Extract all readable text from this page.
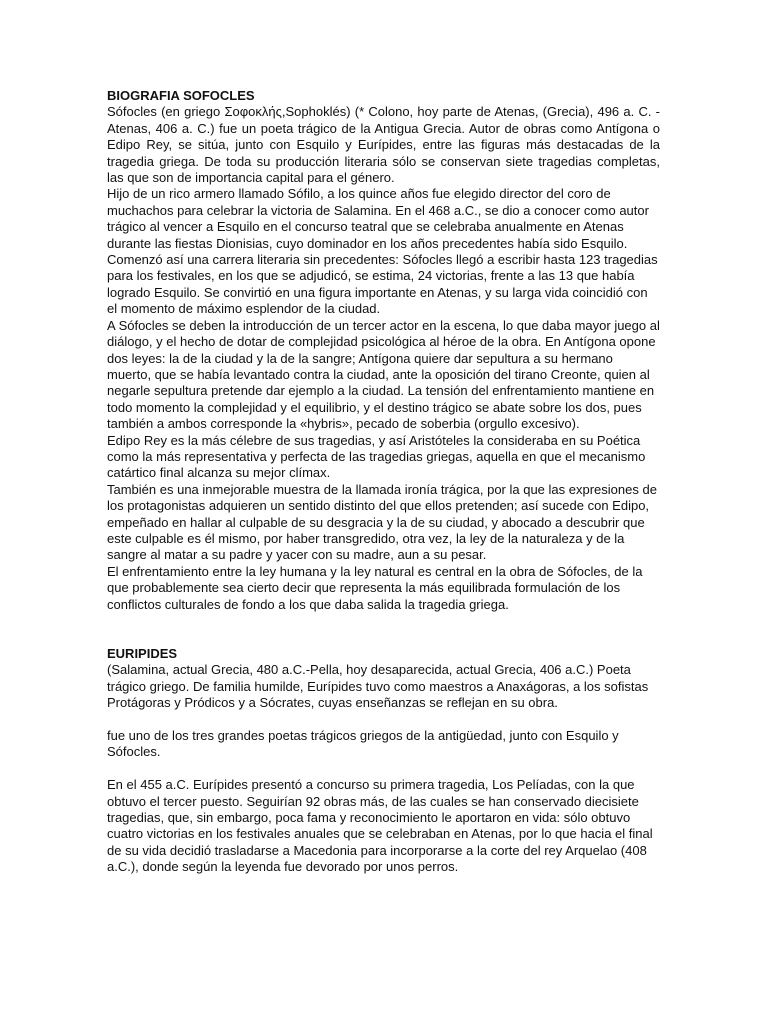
BIOGRAFIA SOFOCLES

Sófocles (en griego Σοφοκλής,Sophoklés) (* Colono, hoy parte de Atenas, (Grecia), 496 a. C. - Atenas, 406 a. C.) fue un poeta trágico de la Antigua Grecia. Autor de obras como Antígona o Edipo Rey, se sitúa, junto con Esquilo y Eurípides, entre las figuras más destacadas de la tragedia griega. De toda su producción literaria sólo se conservan siete tragedias completas, las que son de importancia capital para el género.

Hijo de un rico armero llamado Sófilo, a los quince años fue elegido director del coro de muchachos para celebrar la victoria de Salamina. En el 468 a.C., se dio a conocer como autor trágico al vencer a Esquilo en el concurso teatral que se celebraba anualmente en Atenas durante las fiestas Dionisias, cuyo dominador en los años precedentes había sido Esquilo.

Comenzó así una carrera literaria sin precedentes: Sófocles llegó a escribir hasta 123 tragedias para los festivales, en los que se adjudicó, se estima, 24 victorias, frente a las 13 que había logrado Esquilo. Se convirtió en una figura importante en Atenas, y su larga vida coincidió con el momento de máximo esplendor de la ciudad.

A Sófocles se deben la introducción de un tercer actor en la escena, lo que daba mayor juego al diálogo, y el hecho de dotar de complejidad psicológica al héroe de la obra. En Antígona opone dos leyes: la de la ciudad y la de la sangre; Antígona quiere dar sepultura a su hermano muerto, que se había levantado contra la ciudad, ante la oposición del tirano Creonte, quien al negarle sepultura pretende dar ejemplo a la ciudad. La tensión del enfrentamiento mantiene en todo momento la complejidad y el equilibrio, y el destino trágico se abate sobre los dos, pues también a ambos corresponde la «hybris», pecado de soberbia (orgullo excesivo).

Edipo Rey es la más célebre de sus tragedias, y así Aristóteles la consideraba en su Poética como la más representativa y perfecta de las tragedias griegas, aquella en que el mecanismo catártico final alcanza su mejor clímax.

También es una inmejorable muestra de la llamada ironía trágica, por la que las expresiones de los protagonistas adquieren un sentido distinto del que ellos pretenden; así sucede con Edipo, empeñado en hallar al culpable de su desgracia y la de su ciudad, y abocado a descubrir que este culpable es él mismo, por haber transgredido, otra vez, la ley de la naturaleza y de la sangre al matar a su padre y yacer con su madre, aun a su pesar.

El enfrentamiento entre la ley humana y la ley natural es central en la obra de Sófocles, de la que probablemente sea cierto decir que representa la más equilibrada formulación de los conflictos culturales de fondo a los que daba salida la tragedia griega.

EURIPIDES

(Salamina, actual Grecia, 480 a.C.-Pella, hoy desaparecida, actual Grecia, 406 a.C.) Poeta trágico griego. De familia humilde, Eurípides tuvo como maestros a Anaxágoras, a los sofistas Protágoras y Pródicos y a Sócrates, cuyas enseñanzas se reflejan en su obra.

fue uno de los tres grandes poetas trágicos griegos de la antigüedad, junto con Esquilo y Sófocles.

En el 455 a.C. Eurípides presentó a concurso su primera tragedia, Los Pelíadas, con la que obtuvo el tercer puesto. Seguirían 92 obras más, de las cuales se han conservado diecisiete tragedias, que, sin embargo, poca fama y reconocimiento le aportaron en vida: sólo obtuvo cuatro victorias en los festivales anuales que se celebraban en Atenas, por lo que hacia el final de su vida decidió trasladarse a Macedonia para incorporarse a la corte del rey Arquelao (408 a.C.), donde según la leyenda fue devorado por unos perros.
